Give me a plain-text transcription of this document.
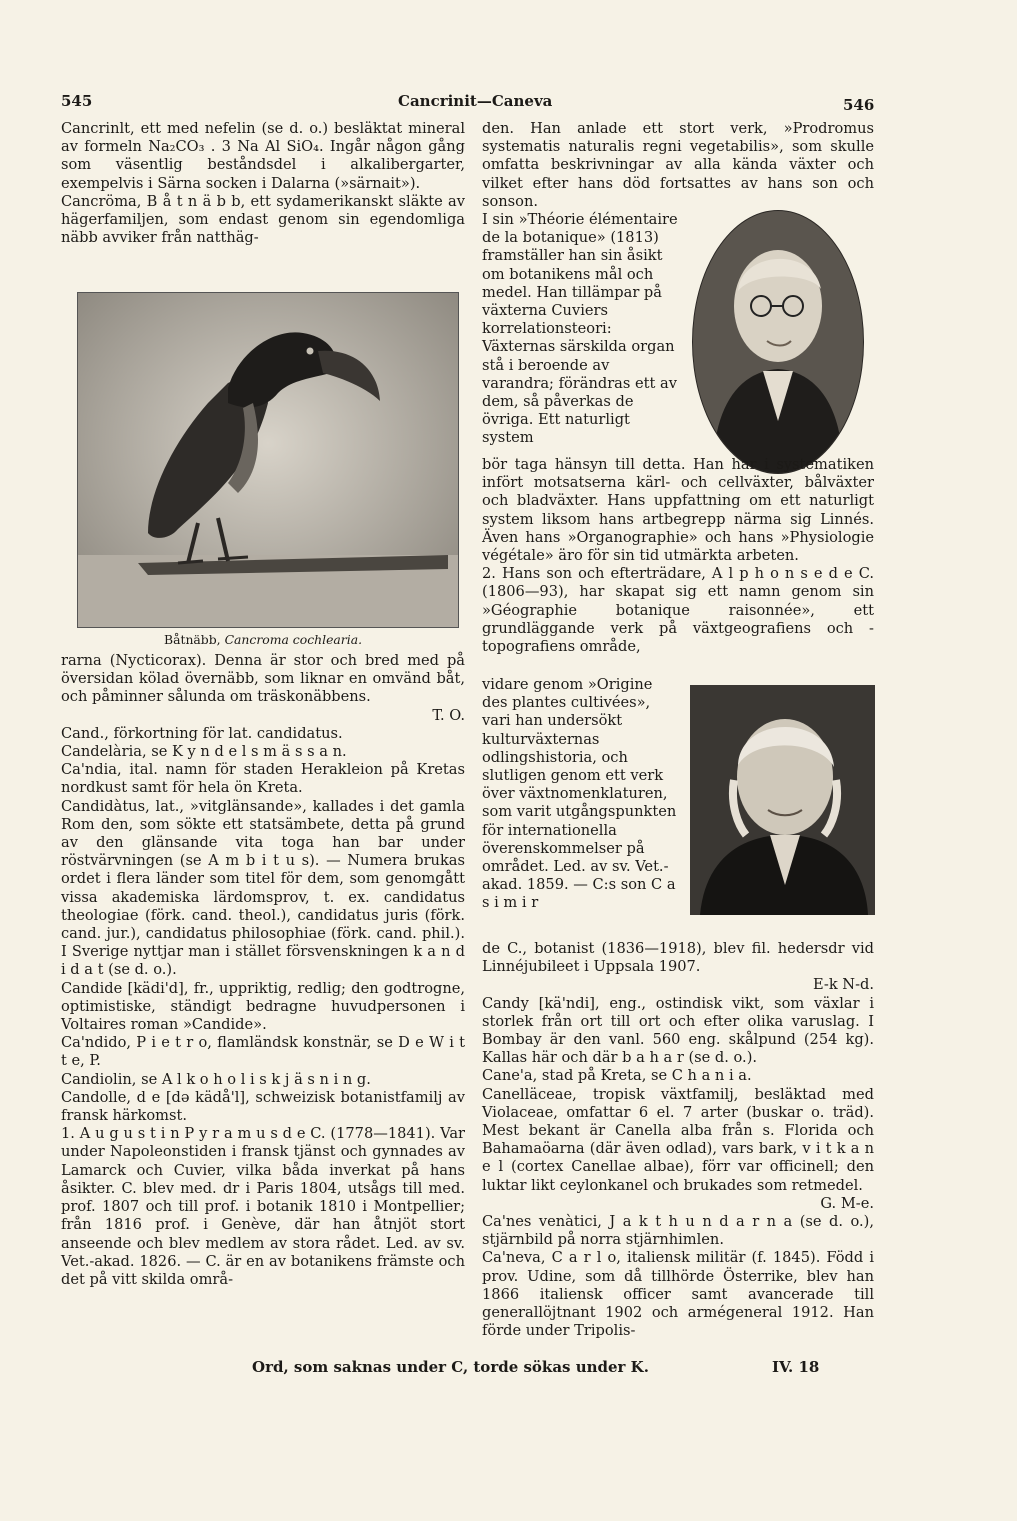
545	Cancrinit—Caneva	546

Cancrinlt, ett med nefelin (se d. o.) besläktat mineral av formeln Na₂CO₃ . 3 Na Al SiO₄. Ingår någon gång som väsentlig beståndsdel i alkalibergarter, exempelvis i Särna socken i Dalarna (»särnait»).

Cancröma, B å t n ä b b, ett sydamerikanskt släkte av hägerfamiljen, som endast genom sin egendomliga näbb avviker från natthäg-

Båtnäbb, Cancroma cochlearia.

rarna (Nycticorax). Denna är stor och bred med på översidan kölad övernäbb, som liknar en omvänd båt, och påminner sålunda om träskonäbbens.

T. O.

Cand., förkortning för lat. candidatus.

Candelària, se K y n d e l s m ä s s a n.

Ca'ndia, ital. namn för staden Herakleion på Kretas nordkust samt för hela ön Kreta.

Candidàtus, lat., »vitglänsande», kallades i det gamla Rom den, som sökte ett statsämbete, detta på grund av den glänsande vita toga han bar under röstvärvningen (se A m b i t u s). — Numera brukas ordet i flera länder som titel för dem, som genomgått vissa akademiska lärdomsprov, t. ex. candidatus theologiae (förk. cand. theol.), candidatus juris (förk. cand. jur.), candidatus philosophiae (förk. cand. phil.). I Sverige nyttjar man i stället försvenskningen k a n d i d a t (se d. o.).

Candide [kädi'd], fr., uppriktig, redlig; den godtrogne, optimistiske, ständigt bedragne huvudpersonen i Voltaires roman »Candide».

Ca'ndido, P i e t r o, flamländsk konstnär, se D e W i t t e, P.

Candiolin, se A l k o h o l i s k j ä s n i n g.

Candolle, d e [də kädå'l], schweizisk botanistfamilj av fransk härkomst.

1. A u g u s t i n P y r a m u s d e C. (1778—1841). Var under Napoleonstiden i fransk tjänst och gynnades av Lamarck och Cuvier, vilka båda inverkat på hans åsikter. C. blev med. dr i Paris 1804, utsågs till med. prof. 1807 och till prof. i botanik 1810 i Montpellier; från 1816 prof. i Genève, där han åtnjöt stort anseende och blev medlem av stora rådet. Led. av sv. Vet.-akad. 1826. — C. är en av botanikens främste och det på vitt skilda områ-

den. Han anlade ett stort verk, »Prodromus systematis naturalis regni vegetabilis», som skulle omfatta beskrivningar av alla kända växter och vilket efter hans död fortsattes av hans son och sonson.

I sin »Théorie élémentaire de la botanique» (1813) framställer han sin åsikt om botanikens mål och medel. Han tillämpar på växterna Cuviers korrelationsteori: Växternas särskilda organ stå i beroende av varandra; förändras ett av dem, så påverkas de övriga. Ett naturligt system

bör taga hänsyn till detta. Han har i systematiken infört motsatserna kärl- och cellväxter, bålväxter och bladväxter. Hans uppfattning om ett naturligt system liksom hans artbegrepp närma sig Linnés. Även hans »Organographie» och hans »Physiologie végétale» äro för sin tid utmärkta arbeten.

2. Hans son och efterträdare, A l p h o n s e d e C. (1806—93), har skapat sig ett namn genom sin »Géographie botanique raisonnée», ett grundläggande verk på växtgeografiens och -topografiens område,

vidare genom »Origine des plantes cultivées», vari han undersökt kulturväxternas odlingshistoria, och slutligen genom ett verk över växtnomenklaturen, som varit utgångspunkten för internationella överenskommelser på området. Led. av sv. Vet.-akad. 1859. — C:s son C a s i m i r

de C., botanist (1836—1918), blev fil. hedersdr vid Linnéjubileet i Uppsala 1907.

E-k N-d.

Candy [kä'ndi], eng., ostindisk vikt, som växlar i storlek från ort till ort och efter olika varuslag. I Bombay är den vanl. 560 eng. skålpund (254 kg). Kallas här och där b a h a r (se d. o.).

Cane'a, stad på Kreta, se C h a n i a.

Canelläceae, tropisk växtfamilj, besläktad med Violaceae, omfattar 6 el. 7 arter (buskar o. träd). Mest bekant är Canella alba från s. Florida och Bahamaöarna (där även odlad), vars bark, v i t k a n e l (cortex Canellae albae), förr var officinell; den luktar likt ceylonkanel och brukades som retmedel.

G. M-e.

Ca'nes venàtici, J a k t h u n d a r n a (se d. o.), stjärnbild på norra stjärnhimlen.

Ca'neva, C a r l o, italiensk militär (f. 1845). Född i prov. Udine, som då tillhörde Österrike, blev han 1866 italiensk officer samt avancerade till generallöjtnant 1902 och armégeneral 1912. Han förde under Tripolis-

Ord, som saknas under C, torde sökas under K.	IV. 18
